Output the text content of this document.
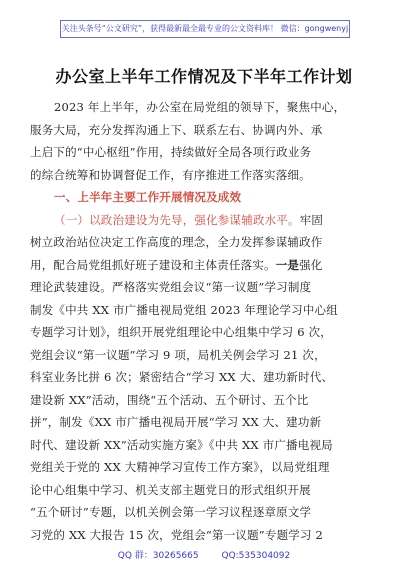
关注头条号“公文研究”，获得最新最全最专业的公文资料库！ 微信：gongwenyj
办公室上半年工作情况及下半年工作计划
2023 年上半年，办公室在局党组的领导下，聚焦中心，
服务大局，充分发挥沟通上下、联系左右、协调内外、承
上启下的“中心枢纽”作用，持续做好全局各项行政业务
的综合统筹和协调督促工作，有序推进工作落实落细。
一、上半年主要工作开展情况及成效
（一）以政治建设为先导，强化参谋辅政水平。牢固
树立政治站位决定工作高度的理念，全力发挥参谋辅政作
用，配合局党组抓好班子建设和主体责任落实。一是强化
理论武装建设。严格落实党组会议“第一议题”学习制度
制发《中共 XX 市广播电视局党组 2023 年理论学习中心组
专题学习计划》，组织开展党组理论中心组集中学习 6 次，
党组会议“第一议题”学习 9 项，局机关例会学习 21 次，
科室业务比拼 6 次；紧密结合“学习 XX 大、建功新时代、
建设新 XX”活动，围绕“五个活动、五个研讨、五个比
拼”，制发《XX 市广播电视局开展“学习 XX 大、建功新
时代、建设新 XX”活动实施方案》《中共 XX 市广播电视局
党组关于党的 XX 大精神学习宣传工作方案》，以局党组理
论中心组集中学习、机关支部主题党日的形式组织开展
“五个研讨”专题，以机关例会第一学习议程逐章原文学
习党的 XX 大报告 15 次，党组会“第一议题”专题学习 2
QQ 群：30265665	QQ:535304092
